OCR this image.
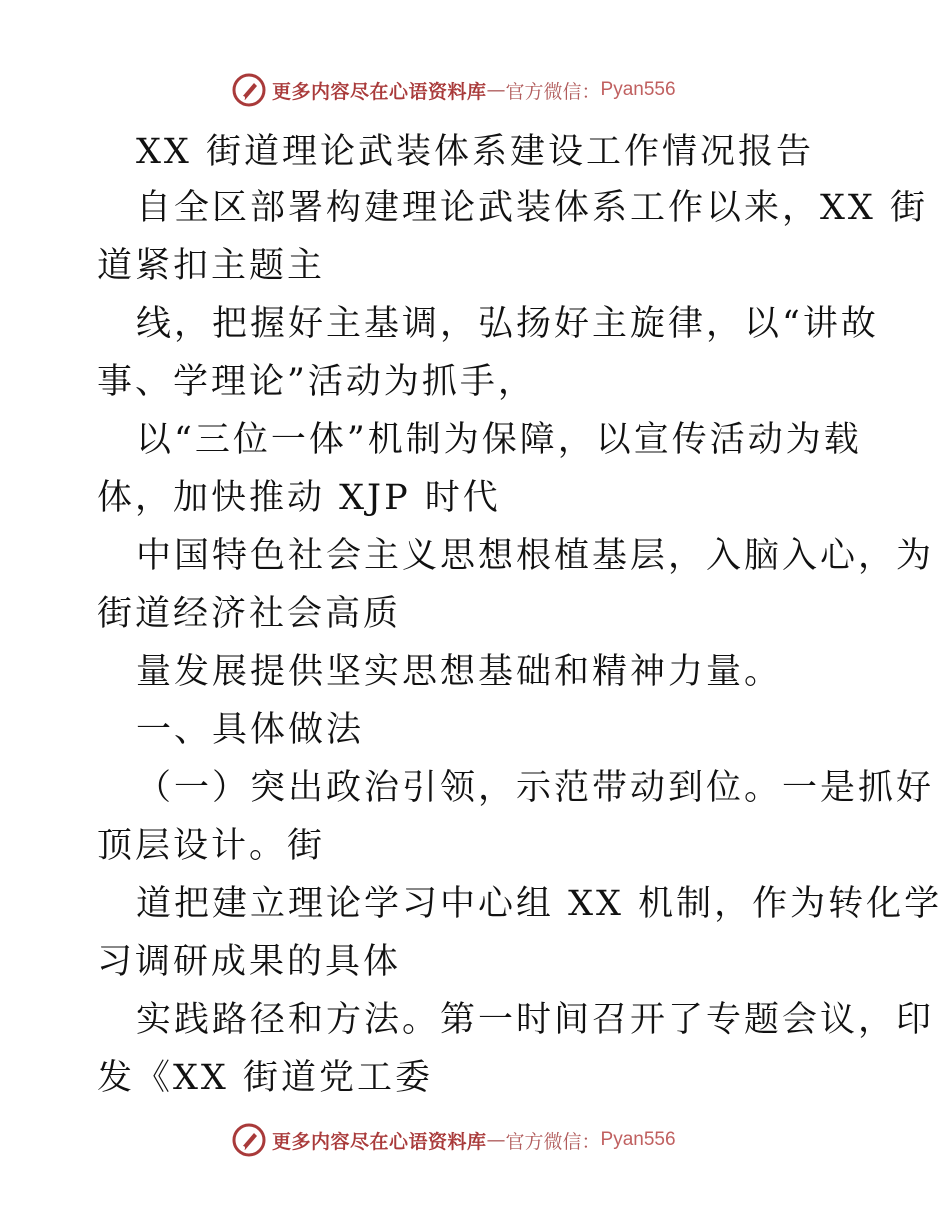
更多内容尽在心语资料库 — 官方微信： Pyan556
XX 街道理论武装体系建设工作情况报告
自全区部署构建理论武装体系工作以来，XX 街
道紧扣主题主
线，把握好主基调，弘扬好主旋律，以“讲故
事、学理论”活动为抓手，
以“三位一体”机制为保障，以宣传活动为载
体，加快推动 XJP 时代
中国特色社会主义思想根植基层，入脑入心，为
街道经济社会高质
量发展提供坚实思想基础和精神力量。
一、具体做法
（一）突出政治引领，示范带动到位。一是抓好
顶层设计。街
道把建立理论学习中心组 XX 机制，作为转化学
习调研成果的具体
实践路径和方法。第一时间召开了专题会议，印
发《XX 街道党工委
更多内容尽在心语资料库 — 官方微信： Pyan556
